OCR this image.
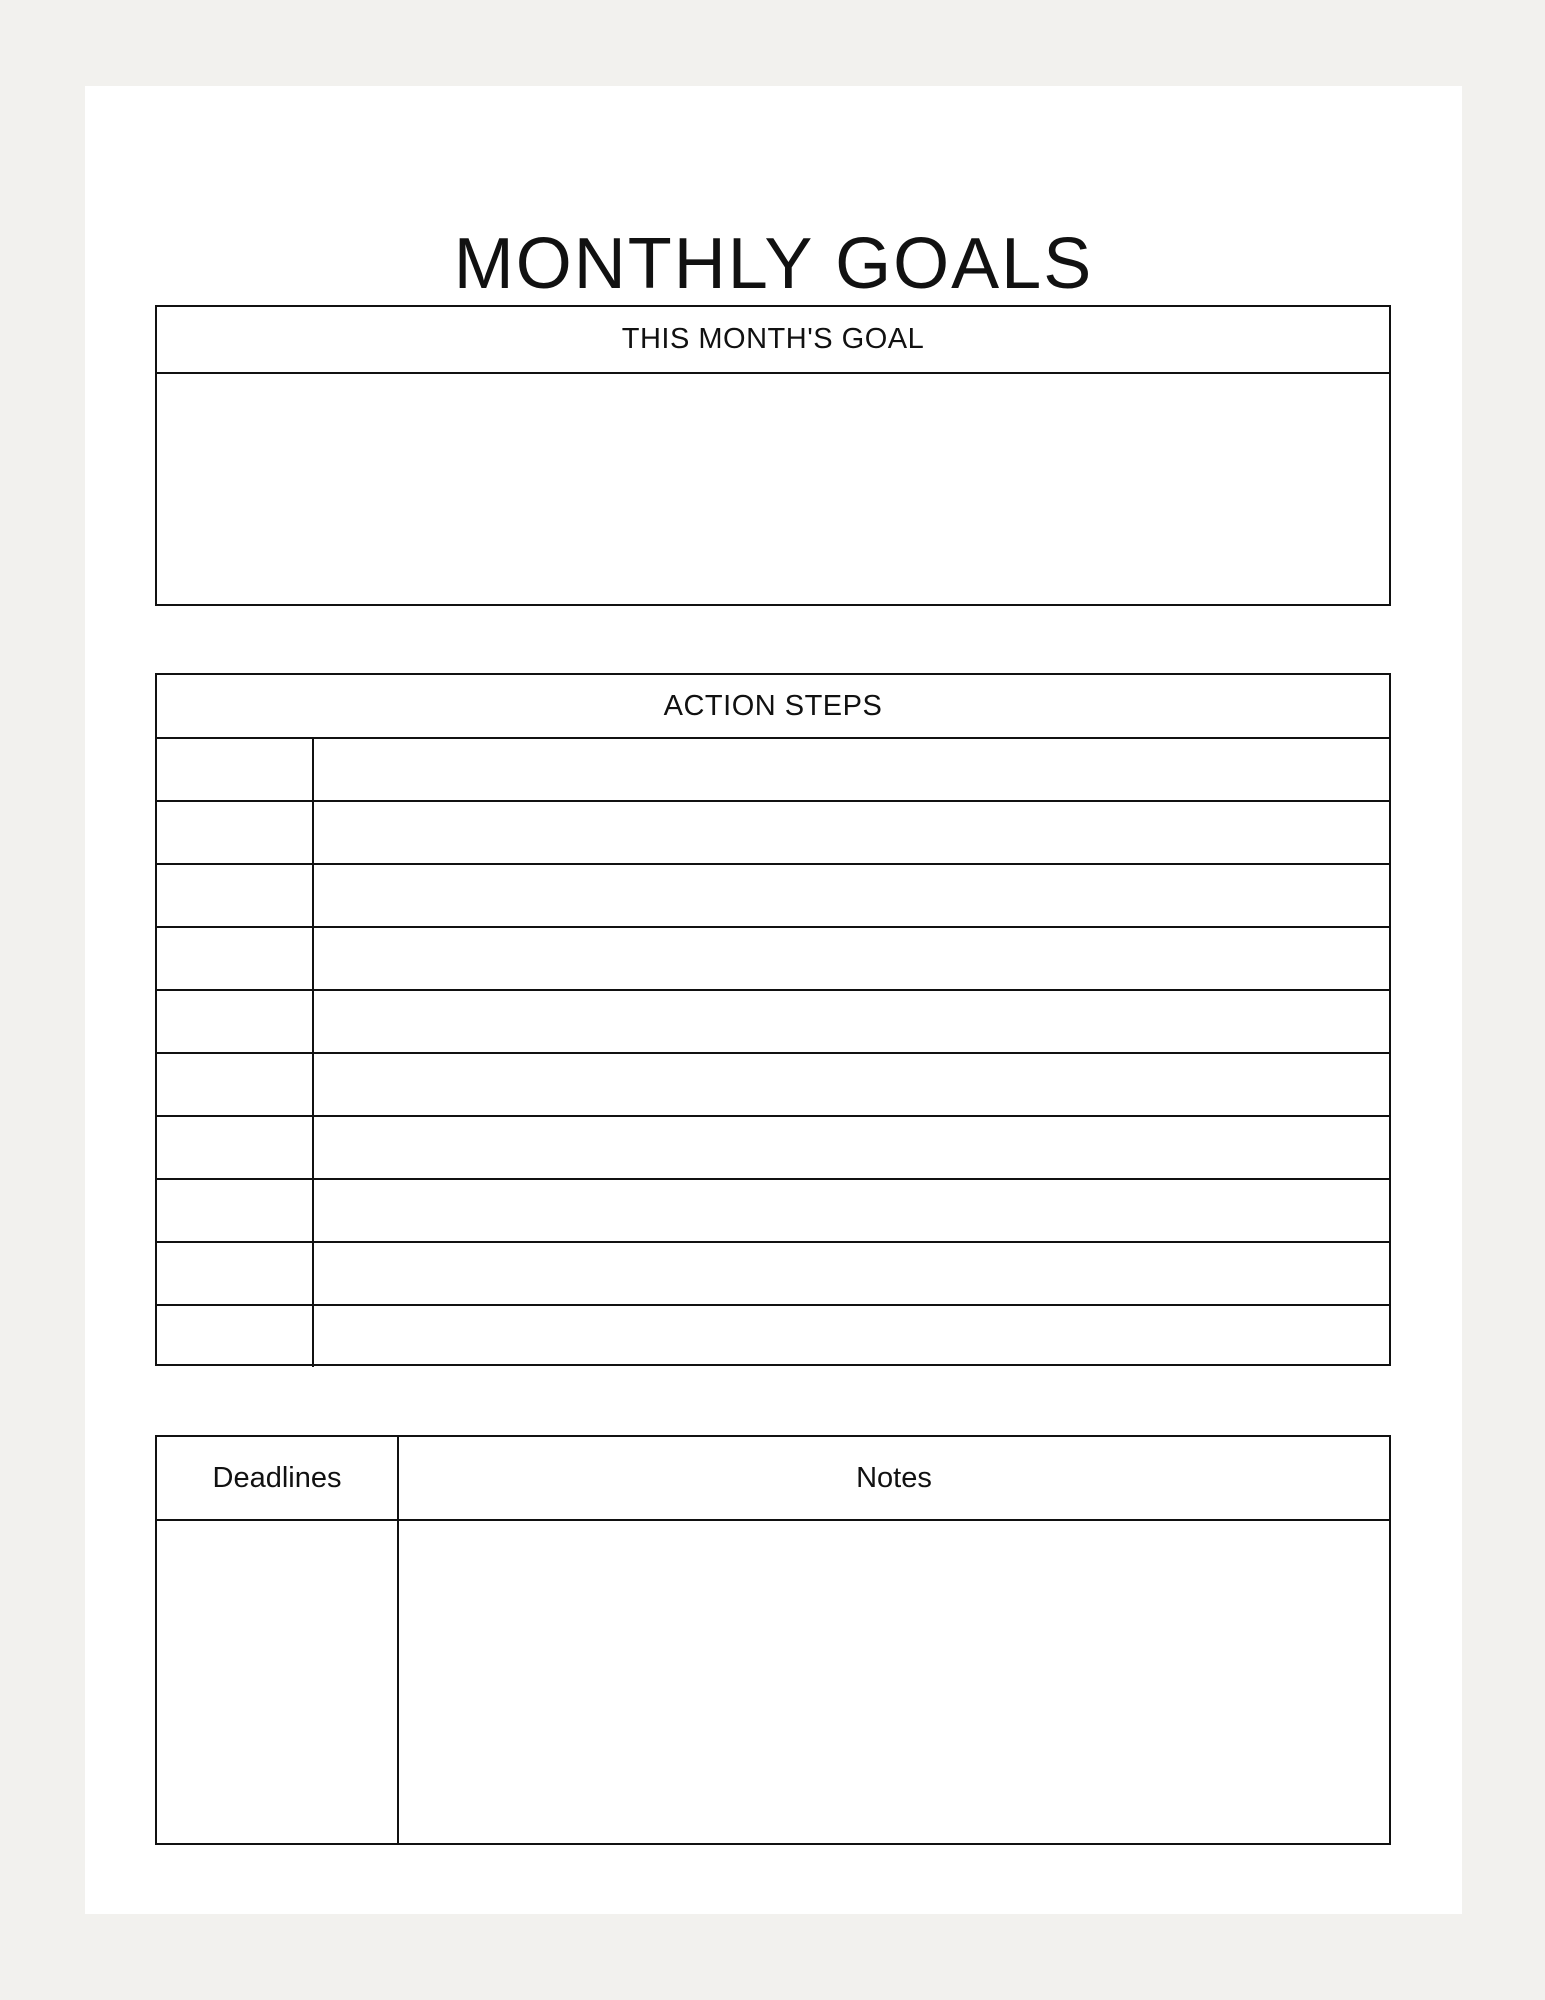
MONTHLY GOALS
THIS MONTH'S GOAL
ACTION STEPS
Deadlines	Notes
